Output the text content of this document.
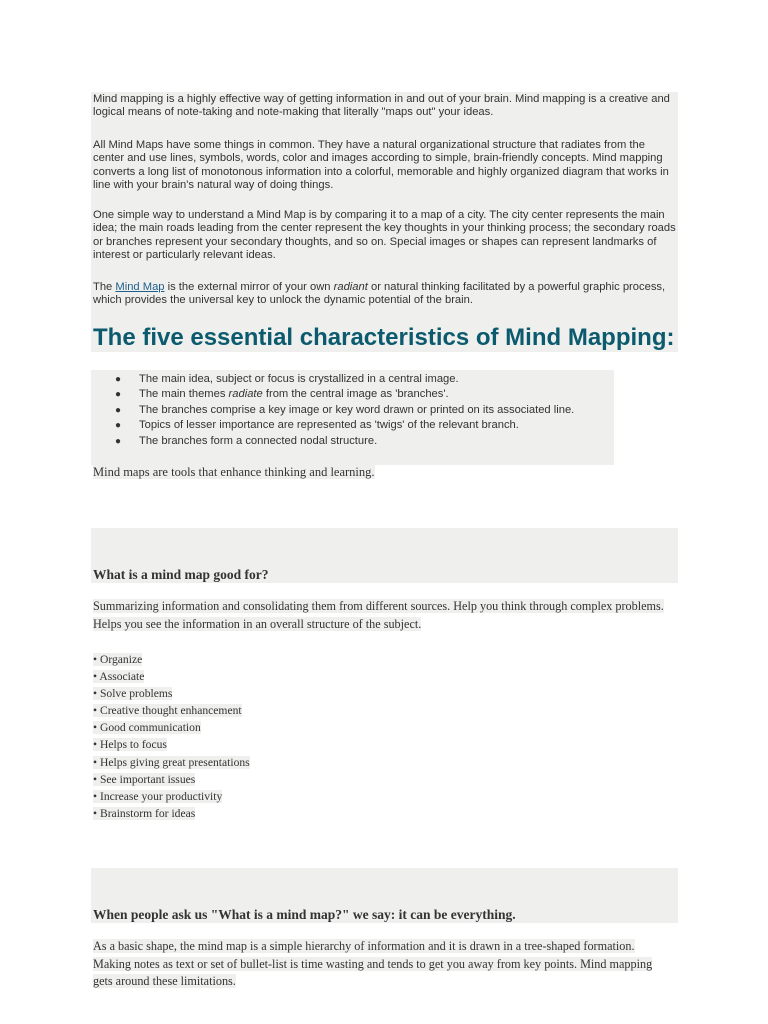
Mind mapping is a highly effective way of getting information in and out of your brain. Mind mapping is a creative and logical means of note-taking and note-making that literally "maps out" your ideas.

All Mind Maps have some things in common. They have a natural organizational structure that radiates from the center and use lines, symbols, words, color and images according to simple, brain-friendly concepts. Mind mapping converts a long list of monotonous information into a colorful, memorable and highly organized diagram that works in line with your brain's natural way of doing things.

One simple way to understand a Mind Map is by comparing it to a map of a city. The city center represents the main idea; the main roads leading from the center represent the key thoughts in your thinking process; the secondary roads or branches represent your secondary thoughts, and so on. Special images or shapes can represent landmarks of interest or particularly relevant ideas.

The Mind Map is the external mirror of your own radiant or natural thinking facilitated by a powerful graphic process, which provides the universal key to unlock the dynamic potential of the brain.

The five essential characteristics of Mind Mapping:
● The main idea, subject or focus is crystallized in a central image.
● The main themes radiate from the central image as 'branches'.
● The branches comprise a key image or key word drawn or printed on its associated line.
● Topics of lesser importance are represented as 'twigs' of the relevant branch.
● The branches form a connected nodal structure.

Mind maps are tools that enhance thinking and learning.

What is a mind map good for?

Summarizing information and consolidating them from different sources. Help you think through complex problems. Helps you see the information in an overall structure of the subject.

• Organize
• Associate
• Solve problems
• Creative thought enhancement
• Good communication
• Helps to focus
• Helps giving great presentations
• See important issues
• Increase your productivity
• Brainstorm for ideas
When people ask us "What is a mind map?" we say: it can be everything.

As a basic shape, the mind map is a simple hierarchy of information and it is drawn in a tree-shaped formation. Making notes as text or set of bullet-list is time wasting and tends to get you away from key points. Mind mapping gets around these limitations.
